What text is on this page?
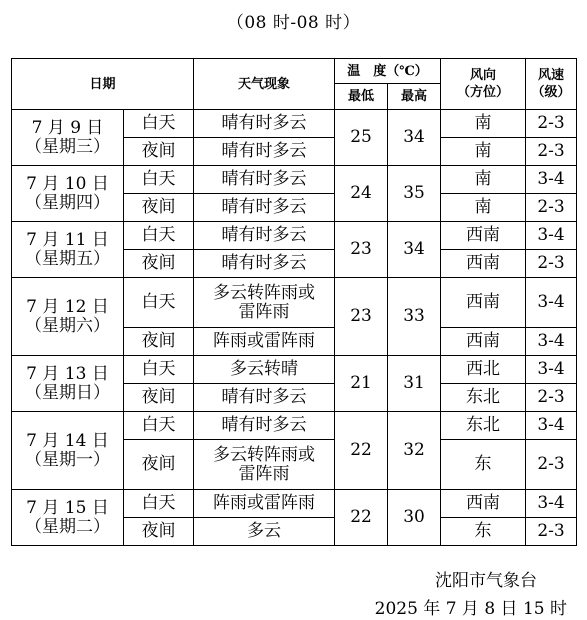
（08 时-08 时）
日期		天气现象	温　度（℃）		风向
（方位）	风速
（级）

			最低	最高		

7 月 9 日
（星期三）	白天	晴有时多云	25	34	南	2-3
	夜间	晴有时多云			南	2-3

7 月 10 日
（星期四）	白天	晴有时多云	24	35	南	3-4
	夜间	晴有时多云			南	2-3

7 月 11 日
（星期五）	白天	晴有时多云	23	34	西南	3-4
	夜间	晴有时多云			西南	2-3

7 月 12 日
（星期六）	白天	多云转阵雨或
雷阵雨	23	33	西南	3-4
	夜间	阵雨或雷阵雨			西南	3-4

7 月 13 日
（星期日）	白天	多云转晴	21	31	西北	3-4
	夜间	晴有时多云			东北	2-3

7 月 14 日
（星期一）	白天	晴有时多云	22	32	东北	3-4
	夜间	多云转阵雨或
雷阵雨			东	2-3

7 月 15 日
（星期二）	白天	阵雨或雷阵雨	22	30	西南	3-4
	夜间	多云			东	2-3
沈阳市气象台
2025 年 7 月 8 日 15 时
